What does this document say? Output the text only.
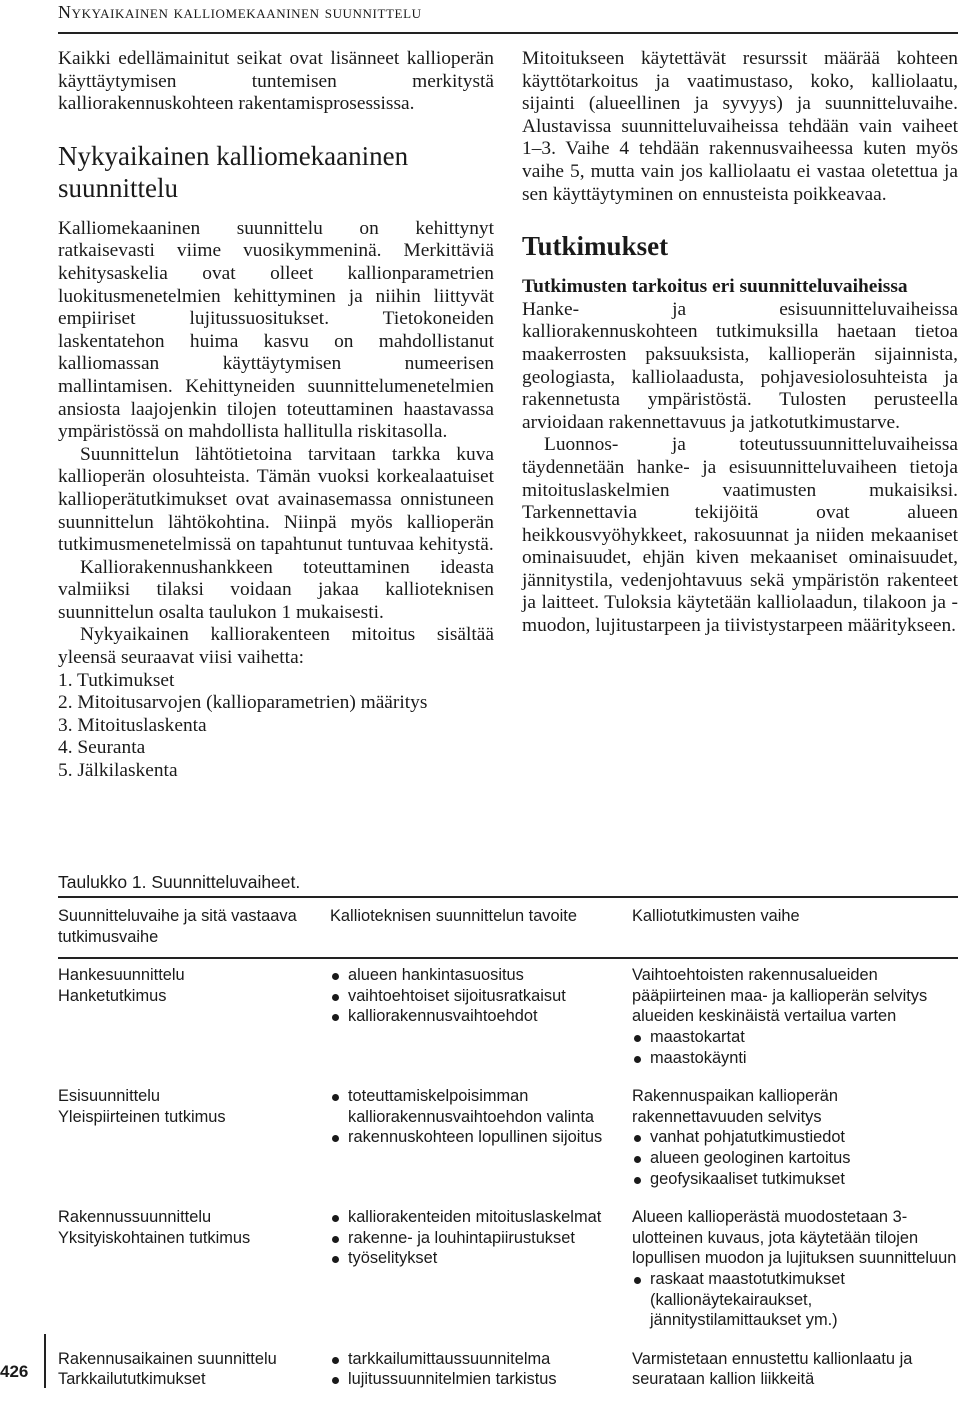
Nykyaikainen kalliomekaaninen suunnittelu

Kaikki edellämainitut seikat ovat lisänneet kallioperän käyttäytymisen tuntemisen merkitystä kalliorakennuskohteen rakentamisprosessissa.

Nykyaikainen kalliomekaaninen suunnittelu

Kalliomekaaninen suunnittelu on kehittynyt ratkaisevasti viime vuosikymmeninä. Merkittäviä kehitysaskelia ovat olleet kallionparametrien luokitusmenetelmien kehittyminen ja niihin liittyvät empiiriset lujitussuositukset. Tietokoneiden laskentatehon huima kasvu on mahdollistanut kalliomassan käyttäytymisen numeerisen mallintamisen. Kehittyneiden suunnittelumenetelmien ansiosta laajojenkin tilojen toteuttaminen haastavassa ympäristössä on mahdollista hallitulla riskitasolla.

Suunnittelun lähtötietoina tarvitaan tarkka kuva kallioperän olosuhteista. Tämän vuoksi korkealaatuiset kallioperätutkimukset ovat avainasemassa onnistuneen suunnittelun lähtökohtina. Niinpä myös kallioperän tutkimusmenetelmissä on tapahtunut tuntuvaa kehitystä.

Kalliorakennushankkeen toteuttaminen ideasta valmiiksi tilaksi voidaan jakaa kallioteknisen suunnittelun osalta taulukon 1 mukaisesti.

Nykyaikainen kalliorakenteen mitoitus sisältää yleensä seuraavat viisi vaihetta:

1. Tutkimukset
2. Mitoitusarvojen (kallioparametrien) määritys
3. Mitoituslaskenta
4. Seuranta
5. Jälkilaskenta

Mitoitukseen käytettävät resurssit määrää kohteen käyttötarkoitus ja vaatimustaso, koko, kalliolaatu, sijainti (alueellinen ja syvyys) ja suunnitteluvaihe. Alustavissa suunnitteluvaiheissa tehdään vain vaiheet 1–3. Vaihe 4 tehdään rakennusvaiheessa kuten myös vaihe 5, mutta vain jos kalliolaatu ei vastaa oletettua ja sen käyttäytyminen on ennusteista poikkeavaa.

Tutkimukset
Tutkimusten tarkoitus eri suunnitteluvaiheissa

Hanke- ja esisuunnitteluvaiheissa kalliorakennuskohteen tutkimuksilla haetaan tietoa maakerrosten paksuuksista, kallioperän sijainnista, geologiasta, kalliolaadusta, pohjavesiolosuhteista ja rakennetusta ympäristöstä. Tulosten perusteella arvioidaan rakennettavuus ja jatkotutkimustarve.

Luonnos- ja toteutussuunnitteluvaiheissa täydennetään hanke- ja esisuunnitteluvaiheen tietoja mitoituslaskelmien vaatimusten mukaisiksi. Tarkennettavia tekijöitä ovat alueen heikkousvyöhykkeet, rakosuunnat ja niiden mekaaniset ominaisuudet, ehjän kiven mekaaniset ominaisuudet, jännitystila, vedenjohtavuus sekä ympäristön rakenteet ja laitteet. Tuloksia käytetään kalliolaadun, tilakoon ja -muodon, lujitustarpeen ja tiivistystarpeen määritykseen.

Taulukko 1. Suunnitteluvaiheet.
Suunnitteluvaihe ja sitä vastaava tutkimusvaihe
Kallioteknisen suunnittelun tavoite	Kalliotutkimusten vaihe
Hankesuunnittelu
Hanketutkimus
alueen hankintasuositus
vaihtoehtoiset sijoitusratkaisut
kalliorakennusvaihtoehdot
Vaihtoehtoisten rakennusalueiden pääpiirteinen maa- ja kallioperän selvitys alueiden keskinäistä vertailua varten
maastokartat
maastokäynti
Esisuunnittelu
Yleispiirteinen tutkimus
toteuttamiskelpoisimman kalliorakennusvaihtoehdon valinta
rakennuskohteen lopullinen sijoitus
Rakennuspaikan kallioperän rakennettavuuden selvitys
vanhat pohjatutkimustiedot
alueen geologinen kartoitus
geofysikaaliset tutkimukset
Rakennussuunnittelu
Yksityiskohtainen tutkimus
kalliorakenteiden mitoituslaskelmat
rakenne- ja louhintapiirustukset
työselitykset
Alueen kallioperästä muodostetaan 3-ulotteinen kuvaus, jota käytetään tilojen lopullisen muodon ja lujituksen suunnitteluun
raskaat maastotutkimukset (kallionäytekairaukset, jännitystilamittaukset ym.)
Rakennusaikainen suunnittelu
Tarkkailututkimukset
tarkkailumittaussuunnitelma
lujitussuunnitelmien tarkistus
Varmistetaan ennustettu kallionlaatu ja seurataan kallion liikkeitä
426
